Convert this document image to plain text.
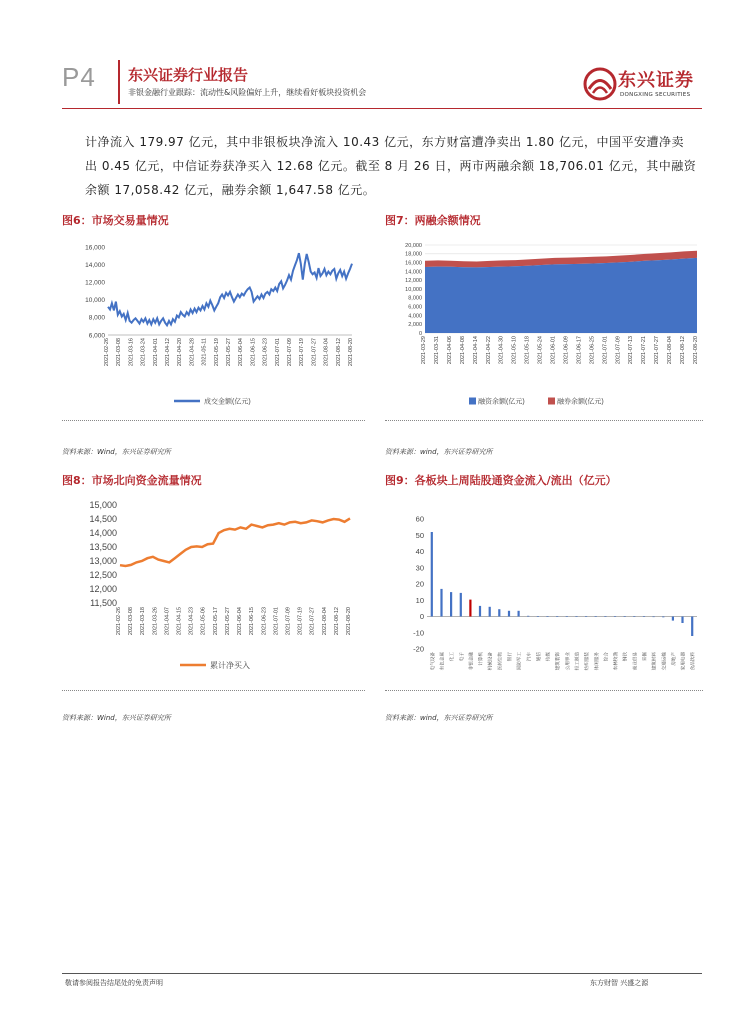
P4 东兴证券行业报告
非银金融行业跟踪：流动性&风险偏好上升，继续看好板块投资机会
东兴证券
DONGXING SECURITIES
计净流入 179.97 亿元，其中非银板块净流入 10.43 亿元，东方财富遭净卖出 1.80 亿元，中国平安遭净卖
出 0.45 亿元，中信证券获净买入 12.68 亿元。截至 8 月 26 日，两市两融余额 18,706.01 亿元，其中融资
余额 17,058.42 亿元，融券余额 1,647.58 亿元。
图6：市场交易量情况	图7：两融余额情况
资料来源：Wind，东兴证券研究所	资料来源：wind，东兴证券研究所
图8：市场北向资金流量情况	图9：各板块上周陆股通资金流入/流出（亿元）
资料来源：Wind，东兴证券研究所	资料来源：wind，东兴证券研究所
6,000
8,000
10,000
12,000
14,000
16,000
2021-02-26 2021-03-08 2021-03-16 2021-03-24 2021-04-01 2021-04-12 2021-04-20 2021-04-28 2021-05-11 2021-05-19 2021-05-27 2021-06-04 2021-06-15 2021-06-23 2021-07-01 2021-07-09 2021-07-19 2021-07-27 2021-08-04 2021-08-12 2021-08-20
成交金额(亿元)
0
2,000
4,000
6,000
8,000
10,000
12,000
14,000
16,000
18,000
20,000
2021-03-29 2021-03-31 2021-04-06 2021-04-08 2021-04-14 2021-04-22 2021-04-30 2021-05-10 2021-05-18 2021-05-24 2021-06-01 2021-06-09 2021-06-17 2021-06-25 2021-07-01 2021-07-09 2021-07-13 2021-07-21 2021-07-27 2021-08-04 2021-08-12 2021-08-20
融资余额(亿元)	融券余额(亿元)
11,500
12,000
12,500
13,000
13,500
14,000
14,500
15,000
2021-02-26 2021-03-08 2021-03-18 2021-03-26 2021-04-07 2021-04-15 2021-04-23 2021-05-06 2021-05-17 2021-05-27 2021-06-04 2021-06-15 2021-06-23 2021-07-01 2021-07-09 2021-07-19 2021-07-27 2021-08-04 2021-08-12 2021-08-20
累计净买入
60
50
40
30
20
10
0
-10
-20
电气设备 有色金属 化工 电子 非银金融 计算机 机械设备 医药生物 银行 国防军工 汽车 通信 传媒 建筑装饰 公用事业 轻工制造 纺织服装 休闲服务 综合 农林牧渔 钢铁 商业贸易 采掘 建筑材料 交通运输 房地产 家用电器 食品饮料
敬请参阅报告结尾处的免责声明	东方财智 兴盛之源
